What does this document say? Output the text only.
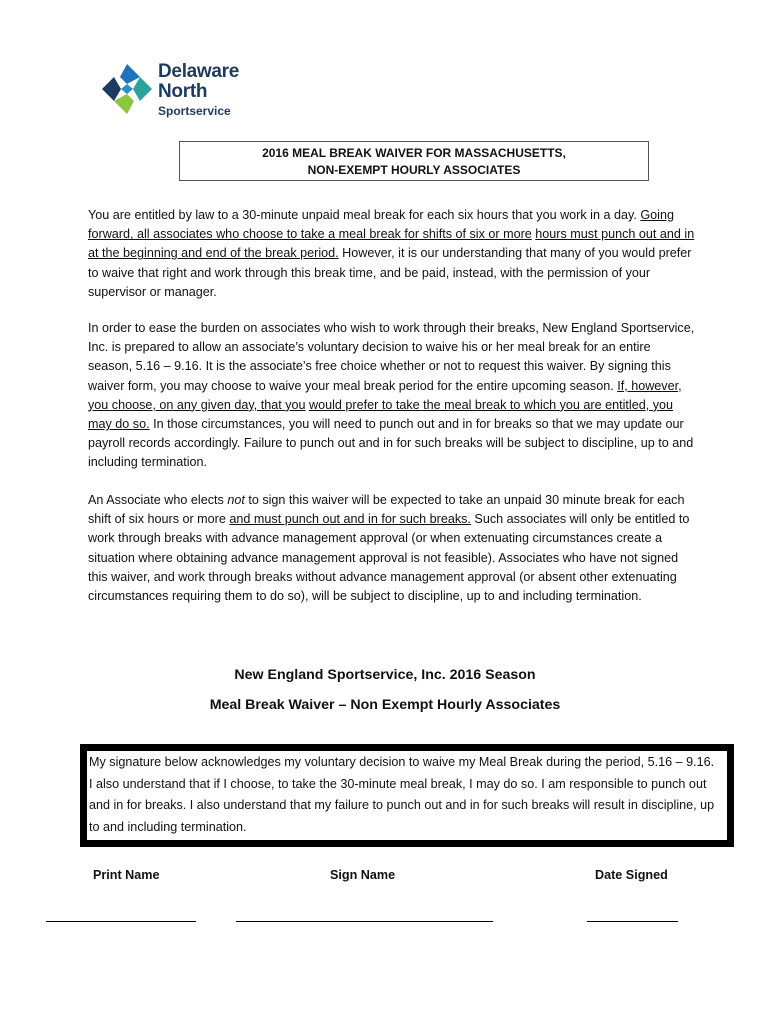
Delaware
North
Sportservice
2016 MEAL BREAK WAIVER FOR MASSACHUSETTS,
NON-EXEMPT HOURLY ASSOCIATES

You are entitled by law to a 30-minute unpaid meal break for each six hours that you work in a day. Going forward, all associates who choose to take a meal break for shifts of six or more hours must punch out and in at the beginning and end of the break period. However, it is our understanding that many of you would prefer to waive that right and work through this break time, and be paid, instead, with the permission of your supervisor or manager.

In order to ease the burden on associates who wish to work through their breaks, New England Sportservice, Inc. is prepared to allow an associate’s voluntary decision to waive his or her meal break for an entire season, 5.16 – 9.16. It is the associate’s free choice whether or not to request this waiver. By signing this waiver form, you may choose to waive your meal break period for the entire upcoming season. If, however, you choose, on any given day, that you would prefer to take the meal break to which you are entitled, you may do so. In those circumstances, you will need to punch out and in for breaks so that we may update our payroll records accordingly. Failure to punch out and in for such breaks will be subject to discipline, up to and including termination.

An Associate who elects not to sign this waiver will be expected to take an unpaid 30 minute break for each shift of six hours or more and must punch out and in for such breaks. Such associates will only be entitled to work through breaks with advance management approval (or when extenuating circumstances create a situation where obtaining advance management approval is not feasible). Associates who have not signed this waiver, and work through breaks without advance management approval (or absent other extenuating circumstances requiring them to do so), will be subject to discipline, up to and including termination.

New England Sportservice, Inc. 2016 Season
Meal Break Waiver – Non Exempt Hourly Associates

My signature below acknowledges my voluntary decision to waive my Meal Break during the period, 5.16 – 9.16. I also understand that if I choose, to take the 30-minute meal break, I may do so. I am responsible to punch out and in for breaks. I also understand that my failure to punch out and in for such breaks will result in discipline, up to and including termination.

Print Name	Sign Name	Date Signed
